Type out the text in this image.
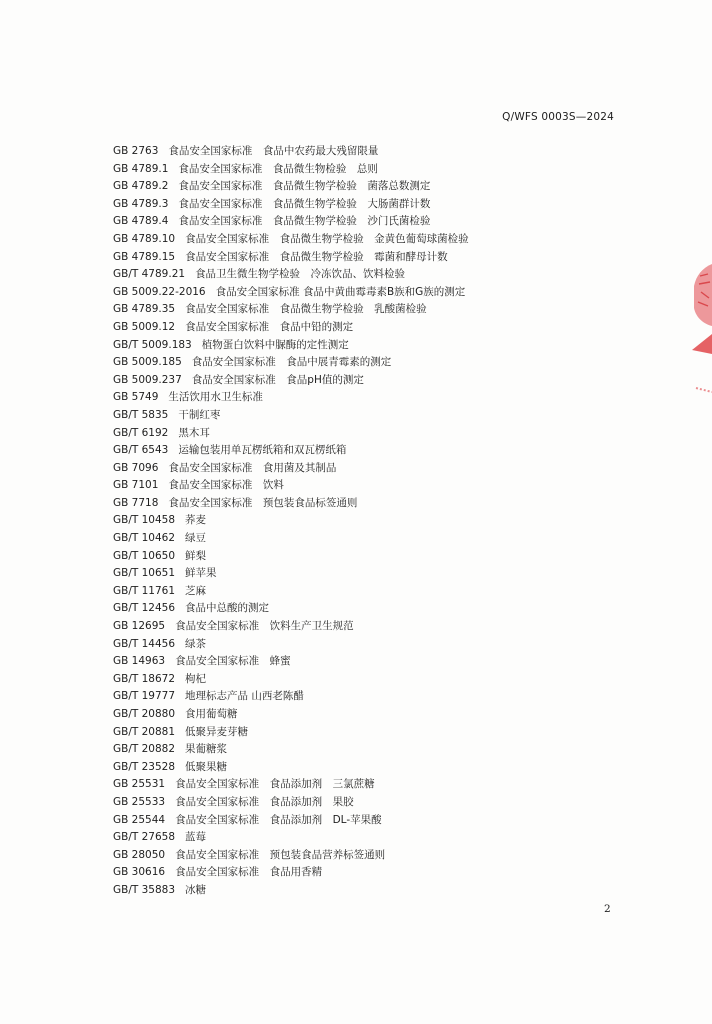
Q/WFS 0003S—2024
GB 2763 食品安全国家标准　食品中农药最大残留限量
GB 4789.1 食品安全国家标准　食品微生物检验　总则
GB 4789.2 食品安全国家标准　食品微生物学检验　菌落总数测定
GB 4789.3 食品安全国家标准　食品微生物学检验　大肠菌群计数
GB 4789.4 食品安全国家标准　食品微生物学检验　沙门氏菌检验
GB 4789.10 食品安全国家标准　食品微生物学检验　金黄色葡萄球菌检验
GB 4789.15 食品安全国家标准　食品微生物学检验　霉菌和酵母计数
GB/T 4789.21 食品卫生微生物学检验　冷冻饮品、饮料检验
GB 5009.22-2016 食品安全国家标准 食品中黄曲霉毒素B族和G族的测定
GB 4789.35 食品安全国家标准　食品微生物学检验　乳酸菌检验
GB 5009.12 食品安全国家标准　食品中铅的测定
GB/T 5009.183 植物蛋白饮料中脲酶的定性测定
GB 5009.185 食品安全国家标准　食品中展青霉素的测定
GB 5009.237 食品安全国家标准　食品pH值的测定
GB 5749 生活饮用水卫生标准
GB/T 5835 干制红枣
GB/T 6192 黑木耳
GB/T 6543 运输包装用单瓦楞纸箱和双瓦楞纸箱
GB 7096 食品安全国家标准　食用菌及其制品
GB 7101 食品安全国家标准　饮料
GB 7718 食品安全国家标准　预包装食品标签通则
GB/T 10458 荞麦
GB/T 10462 绿豆
GB/T 10650 鲜梨
GB/T 10651 鲜苹果
GB/T 11761 芝麻
GB/T 12456 食品中总酸的测定
GB 12695 食品安全国家标准　饮料生产卫生规范
GB/T 14456 绿茶
GB 14963 食品安全国家标准　蜂蜜
GB/T 18672 枸杞
GB/T 19777 地理标志产品 山西老陈醋
GB/T 20880 食用葡萄糖
GB/T 20881 低聚异麦芽糖
GB/T 20882 果葡糖浆
GB/T 23528 低聚果糖
GB 25531 食品安全国家标准　食品添加剂　三氯蔗糖
GB 25533 食品安全国家标准　食品添加剂　果胶
GB 25544 食品安全国家标准　食品添加剂　DL-苹果酸
GB/T 27658 蓝莓
GB 28050 食品安全国家标准　预包装食品营养标签通则
GB 30616 食品安全国家标准　食品用香精
GB/T 35883 冰糖
2
